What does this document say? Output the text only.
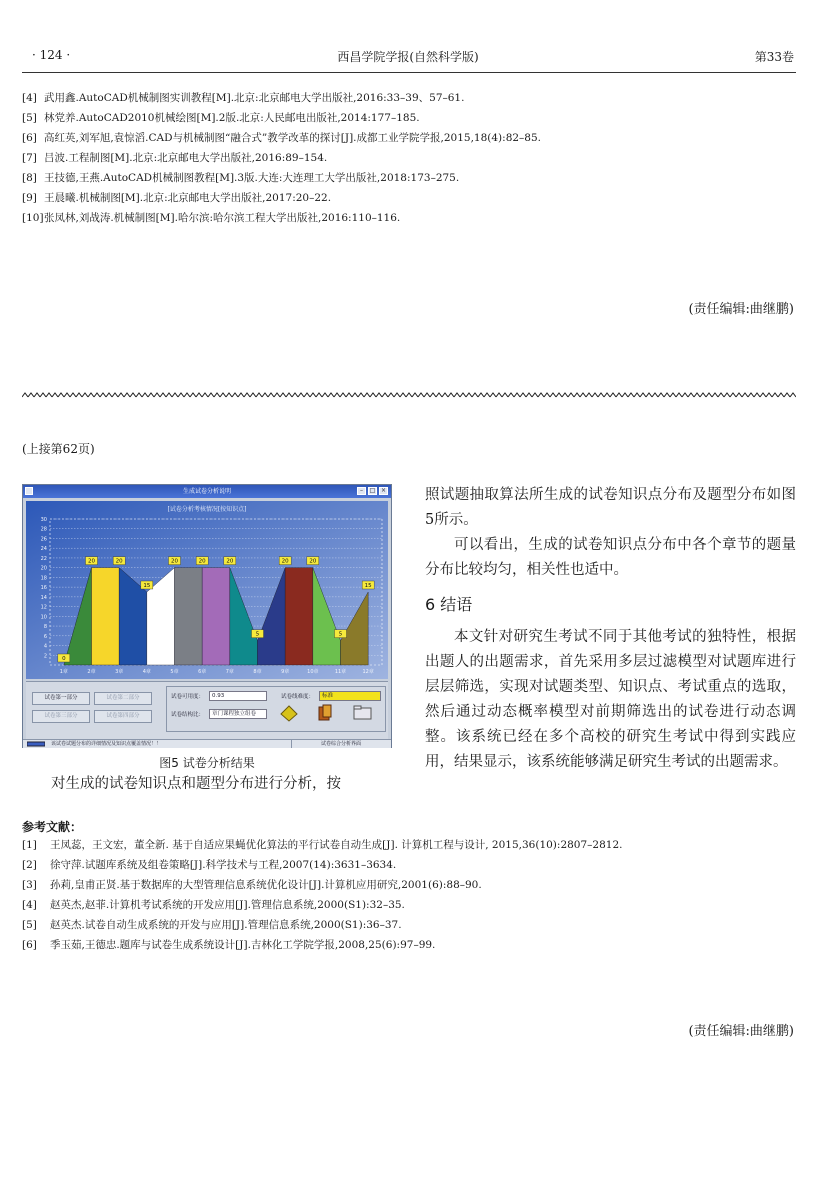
· 124 ·	西昌学院学报(自然科学版)	第33卷
[4] 武用鑫.AutoCAD机械制图实训教程[M].北京:北京邮电大学出版社,2016:33–39、57–61.
[5] 林党养.AutoCAD2010机械绘图[M].2版.北京:人民邮电出版社,2014:177–185.
[6] 高红英,刘军旭,袁惊滔.CAD与机械制图“融合式”教学改革的探讨[J].成都工业学院学报,2015,18(4):82–85.
[7] 吕波.工程制图[M].北京:北京邮电大学出版社,2016:89–154.
[8] 王技德,王燕.AutoCAD机械制图教程[M].3版.大连:大连理工大学出版社,2018:173–275.
[9] 王晨曦.机械制图[M].北京:北京邮电大学出版社,2017:20–22.
[10]张凤林,刘战涛.机械制图[M].哈尔滨:哈尔滨工程大学出版社,2016:110–116.
(责任编辑:曲继鹏)
(上接第62页)
生成试卷分析说明	–	□ ×
[试卷分析考核情况[按知识点]
2
4
6
8
10
12
14
16
18
20
22
24
26
28
30
0
20	20
15
20	20	20
5
20	20
5
15
1章	2章	3章	4章	5章	6章	7章	8章	9章	10章	11章	12章
试卷第一部分	试卷第二部分
试卷第三部分	试卷第四部分
试卷可用度：	0.93	试卷线难度：	标准
试卷结构比：	章门课程独立组卷
该试卷试题分布的详细情况及知识点覆盖情况！！	试卷综合分析界面
图5 试卷分析结果
对生成的试卷知识点和题型分布进行分析，按
照试题抽取算法所生成的试卷知识点分布及题型分布如图5所示。
可以看出，生成的试卷知识点分布中各个章节的题量分布比较均匀，相关性也适中。
6 结语
本文针对研究生考试不同于其他考试的独特性，根据出题人的出题需求，首先采用多层过滤模型对试题库进行层层筛选，实现对试题类型、知识点、考试重点的选取，然后通过动态概率模型对前期筛选出的试卷进行动态调整。该系统已经在多个高校的研究生考试中得到实践应用，结果显示，该系统能够满足研究生考试的出题需求。
参考文献：
[1] 王凤蕊，王文宏，董全新. 基于自适应果蝇优化算法的平行试卷自动生成[J]. 计算机工程与设计, 2015,36(10):2807–2812.
[2] 徐守萍.试题库系统及组卷策略[J].科学技术与工程,2007(14):3631–3634.
[3] 孙莉,皇甫正贤.基于数据库的大型管理信息系统优化设计[J].计算机应用研究,2001(6):88–90.
[4] 赵英杰,赵菲.计算机考试系统的开发应用[J].管理信息系统,2000(S1):32–35.
[5] 赵英杰.试卷自动生成系统的开发与应用[J].管理信息系统,2000(S1):36–37.
[6] 季玉茹,王德忠.题库与试卷生成系统设计[J].吉林化工学院学报,2008,25(6):97–99.
(责任编辑:曲继鹏)
